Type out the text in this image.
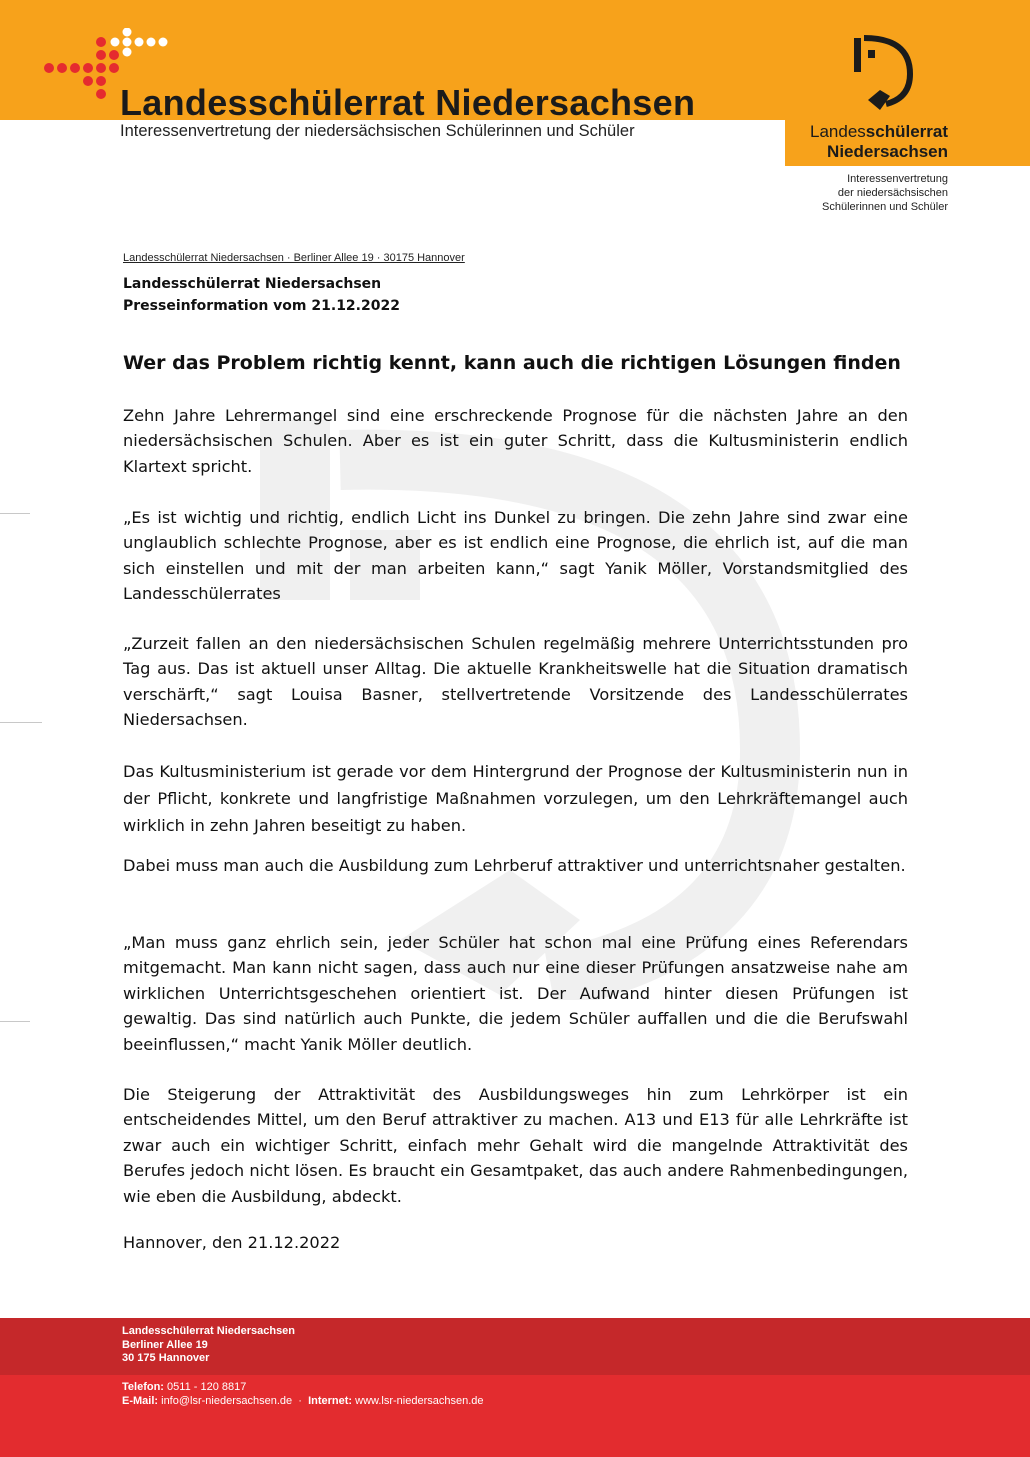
Landesschülerrat Niedersachsen
Interessenvertretung der niedersächsischen Schülerinnen und Schüler	Landesschülerrat
Niedersachsen
Interessenvertretung
der niedersächsischen
Schülerinnen und Schüler
Landesschülerrat Niedersachsen · Berliner Allee 19 · 30175 Hannover
Landesschülerrat Niedersachsen
Presseinformation vom 21.12.2022
Wer das Problem richtig kennt, kann auch die richtigen Lösungen finden
Zehn Jahre Lehrermangel sind eine erschreckende Prognose für die nächsten Jahre an den niedersächsischen Schulen. Aber es ist ein guter Schritt, dass die Kultusministerin endlich Klartext spricht.
„Es ist wichtig und richtig, endlich Licht ins Dunkel zu bringen. Die zehn Jahre sind zwar eine unglaublich schlechte Prognose, aber es ist endlich eine Prognose, die ehrlich ist, auf die man sich einstellen und mit der man arbeiten kann,“ sagt Yanik Möller, Vorstandsmitglied des Landesschülerrates
„Zurzeit fallen an den niedersächsischen Schulen regelmäßig mehrere Unterrichtsstunden pro Tag aus. Das ist aktuell unser Alltag. Die aktuelle Krankheitswelle hat die Situation dramatisch verschärft,“ sagt Louisa Basner, stellvertretende Vorsitzende des Landesschülerrates Niedersachsen.
Das Kultusministerium ist gerade vor dem Hintergrund der Prognose der Kultusministerin nun in der Pflicht, konkrete und langfristige Maßnahmen vorzulegen, um den Lehrkräftemangel auch wirklich in zehn Jahren beseitigt zu haben.
Dabei muss man auch die Ausbildung zum Lehrberuf attraktiver und unterrichtsnaher gestalten.
„Man muss ganz ehrlich sein, jeder Schüler hat schon mal eine Prüfung eines Referendars mitgemacht. Man kann nicht sagen, dass auch nur eine dieser Prüfungen ansatzweise nahe am wirklichen Unterrichtsgeschehen orientiert ist. Der Aufwand hinter diesen Prüfungen ist gewaltig. Das sind natürlich auch Punkte, die jedem Schüler auffallen und die die Berufswahl beeinflussen,“ macht Yanik Möller deutlich.
Die Steigerung der Attraktivität des Ausbildungsweges hin zum Lehrkörper ist ein entscheidendes Mittel, um den Beruf attraktiver zu machen. A13 und E13 für alle Lehrkräfte ist zwar auch ein wichtiger Schritt, einfach mehr Gehalt wird die mangelnde Attraktivität des Berufes jedoch nicht lösen. Es braucht ein Gesamtpaket, das auch andere Rahmenbedingungen, wie eben die Ausbildung, abdeckt.
Hannover, den 21.12.2022
Landesschülerrat Niedersachsen
Berliner Allee 19
30 175 Hannover
Telefon: 0511 - 120 8817
E-Mail: info@lsr-niedersachsen.de · Internet: www.lsr-niedersachsen.de
